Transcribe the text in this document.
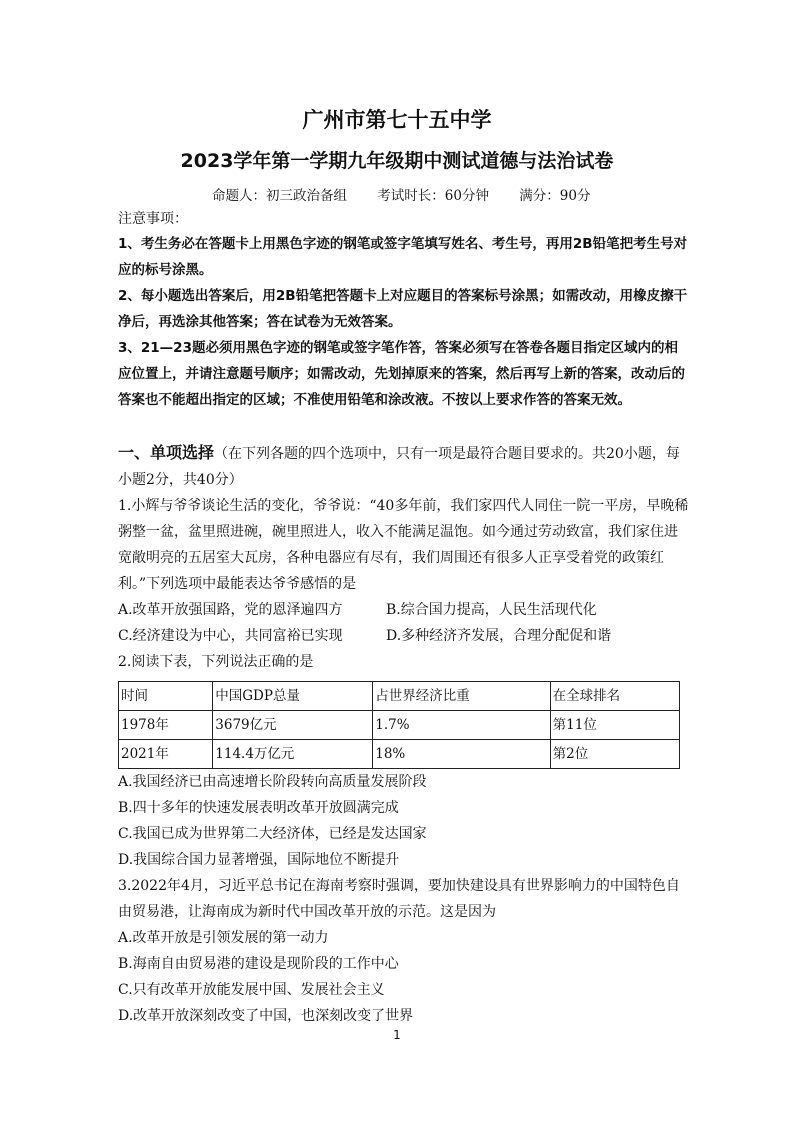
广州市第七十五中学
2023学年第一学期九年级期中测试道德与法治试卷
命题人：初三政治备组 考试时长：60分钟 满分：90分
注意事项：

1、考生务必在答题卡上用黑色字迹的钢笔或签字笔填写姓名、考生号，再用2B铅笔把考生号对应的标号涂黑。

2、每小题选出答案后，用2B铅笔把答题卡上对应题目的答案标号涂黑；如需改动，用橡皮擦干净后，再选涂其他答案；答在试卷为无效答案。

3、21—23题必须用黑色字迹的钢笔或签字笔作答，答案必须写在答卷各题目指定区域内的相应位置上，并请注意题号顺序；如需改动，先划掉原来的答案，然后再写上新的答案，改动后的答案也不能超出指定的区域；不准使用铅笔和涂改液。不按以上要求作答的答案无效。

一、单项选择（在下列各题的四个选项中，只有一项是最符合题目要求的。共20小题，每小题2分，共40分）

1.小辉与爷爷谈论生活的变化，爷爷说：“40多年前，我们家四代人同住一院一平房，早晚稀粥整一盆，盆里照进碗，碗里照进人，收入不能满足温饱。如今通过劳动致富，我们家住进宽敞明亮的五居室大瓦房，各种电器应有尽有，我们周围还有很多人正享受着党的政策红利。”下列选项中最能表达爷爷感悟的是

A.改革开放强国路，党的恩泽遍四方	B.综合国力提高，人民生活现代化
C.经济建设为中心，共同富裕已实现	D.多种经济齐发展，合理分配促和谐

2.阅读下表，下列说法正确的是

时间	中国GDP总量	占世界经济比重	在全球排名
1978年	3679亿元	1.7%	第11位
2021年	114.4万亿元	18%	第2位

A.我国经济已由高速增长阶段转向高质量发展阶段

B.四十多年的快速发展表明改革开放圆满完成

C.我国已成为世界第二大经济体，已经是发达国家

D.我国综合国力显著增强，国际地位不断提升

3.2022年4月，习近平总书记在海南考察时强调，要加快建设具有世界影响力的中国特色自由贸易港，让海南成为新时代中国改革开放的示范。这是因为

A.改革开放是引领发展的第一动力

B.海南自由贸易港的建设是现阶段的工作中心

C.只有改革开放能发展中国、发展社会主义

D.改革开放深刻改变了中国，也深刻改变了世界

1
